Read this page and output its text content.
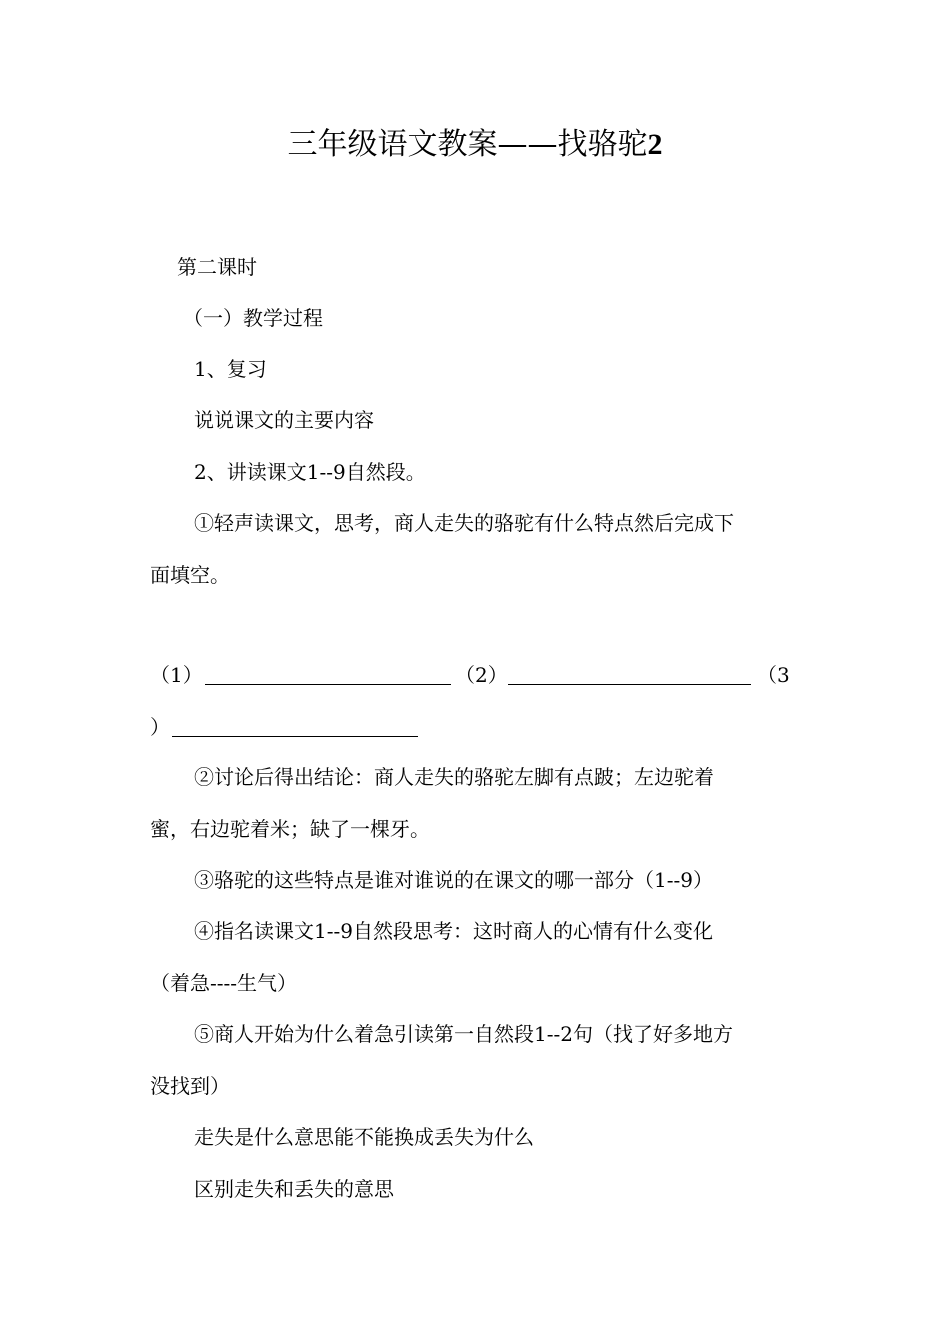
三年级语文教案——找骆驼2
第二课时
（一）教学过程
1、复习
说说课文的主要内容
2、讲读课文1--9自然段。
①轻声读课文，思考，商人走失的骆驼有什么特点然后完成下
面填空。
（1）	（2）	（3
）
②讨论后得出结论：商人走失的骆驼左脚有点跛；左边驼着
蜜，右边驼着米；缺了一棵牙。
③骆驼的这些特点是谁对谁说的在课文的哪一部分（1--9）
④指名读课文1--9自然段思考：这时商人的心情有什么变化
（着急----生气）
⑤商人开始为什么着急引读第一自然段1--2句（找了好多地方
没找到）
走失是什么意思能不能换成丢失为什么
区别走失和丢失的意思
